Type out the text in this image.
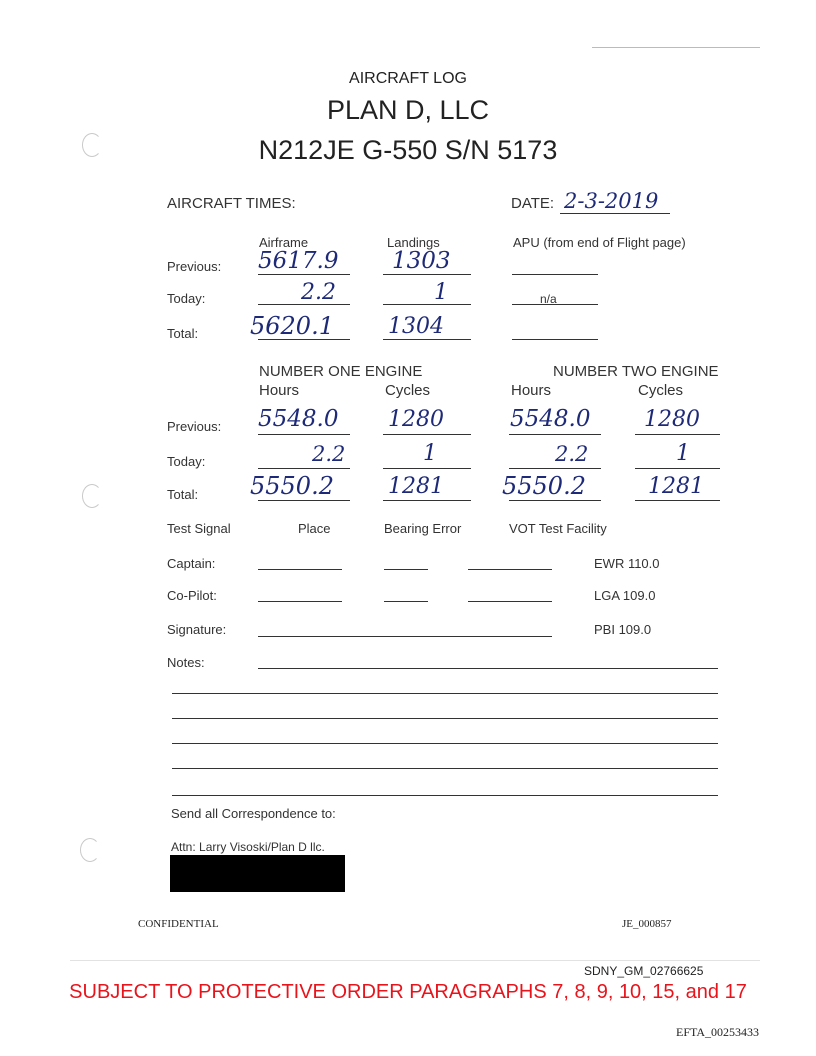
AIRCRAFT LOG
PLAN D, LLC
N212JE G-550 S/N 5173
AIRCRAFT TIMES:	DATE: 2-3-2019
Airframe	Landings	APU (from end of Flight page)
Previous: 5617.9 1303
Today:	2.2	1	n/a
Total: 5620.1 1304
NUMBER ONE ENGINE	NUMBER TWO ENGINE
Hours	Cycles	Hours	Cycles
Previous: 5548.0 1280	5548.0 1280
Today:	2.2	1	2.2	1
Total: 5550.2 1281 5550.2	1281
Test Signal	Place	Bearing Error	VOT Test Facility
Captain:	EWR 110.0
Co-Pilot:	LGA 109.0
Signature:	PBI 109.0
Notes:
Send all Correspondence to:
Attn: Larry Visoski/Plan D llc.
CONFIDENTIAL	JE_000857
SDNY_GM_02766625
SUBJECT TO PROTECTIVE ORDER PARAGRAPHS 7, 8, 9, 10, 15, and 17
EFTA_00253433
